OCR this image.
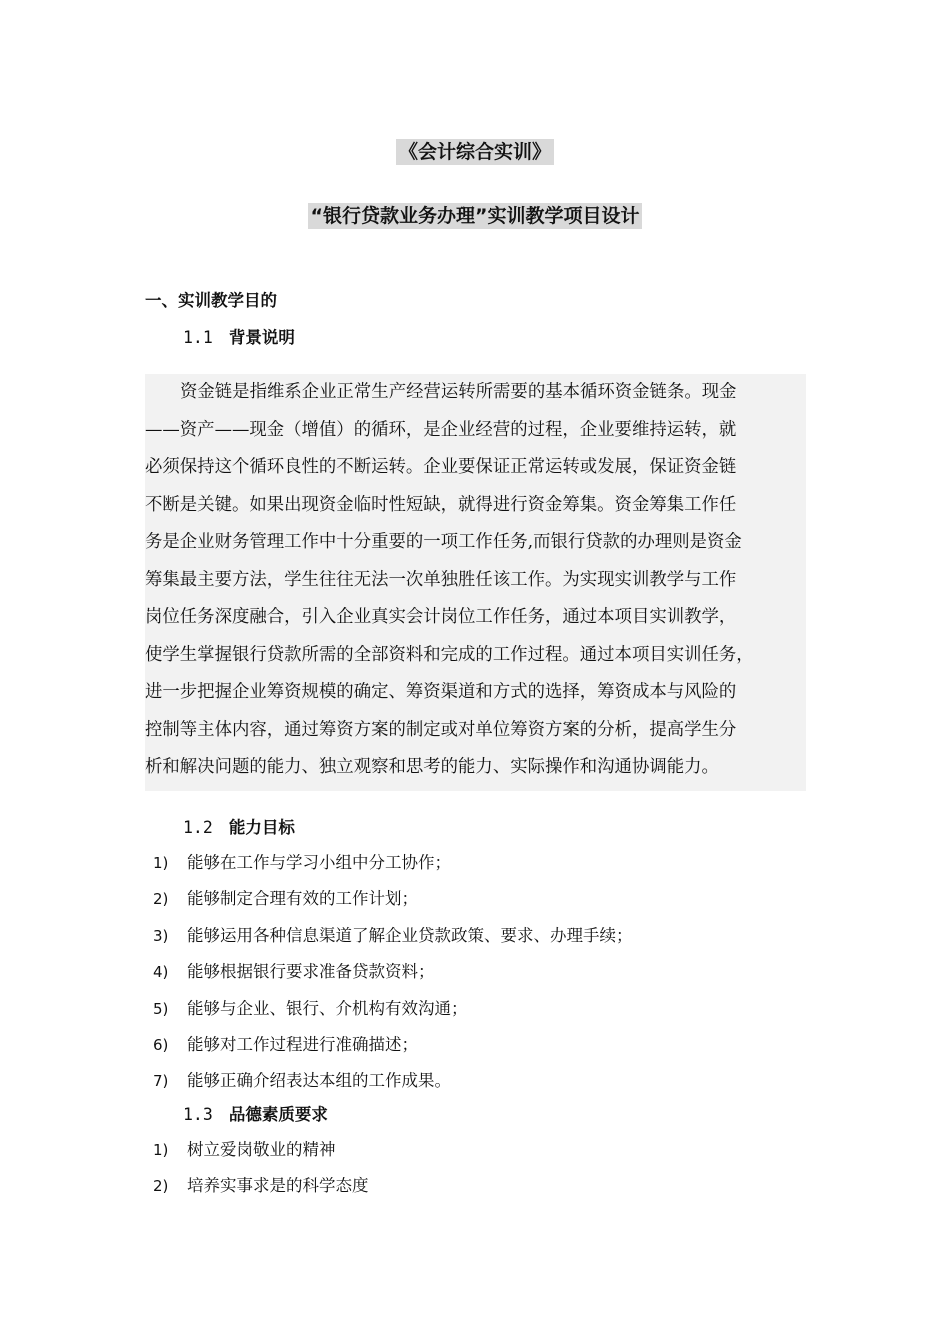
《会计综合实训》
“银行贷款业务办理”实训教学项目设计
一、实训教学目的
1.1 背景说明
资金链是指维系企业正常生产经营运转所需要的基本循环资金链条。现金
——资产——现金（增值）的循环，是企业经营的过程，企业要维持运转，就
必须保持这个循环良性的不断运转。企业要保证正常运转或发展，保证资金链
不断是关键。如果出现资金临时性短缺，就得进行资金筹集。资金筹集工作任
务是企业财务管理工作中十分重要的一项工作任务,而银行贷款的办理则是资金
筹集最主要方法，学生往往无法一次单独胜任该工作。为实现实训教学与工作
岗位任务深度融合，引入企业真实会计岗位工作任务，通过本项目实训教学，
使学生掌握银行贷款所需的全部资料和完成的工作过程。通过本项目实训任务，
进一步把握企业筹资规模的确定、筹资渠道和方式的选择，筹资成本与风险的
控制等主体内容，通过筹资方案的制定或对单位筹资方案的分析，提高学生分
析和解决问题的能力、独立观察和思考的能力、实际操作和沟通协调能力。
1.2 能力目标
1) 能够在工作与学习小组中分工协作；
2) 能够制定合理有效的工作计划；
3) 能够运用各种信息渠道了解企业贷款政策、要求、办理手续；
4) 能够根据银行要求准备贷款资料；
5) 能够与企业、银行、介机构有效沟通；
6) 能够对工作过程进行准确描述；
7) 能够正确介绍表达本组的工作成果。
1.3 品德素质要求
1) 树立爱岗敬业的精神
2) 培养实事求是的科学态度
